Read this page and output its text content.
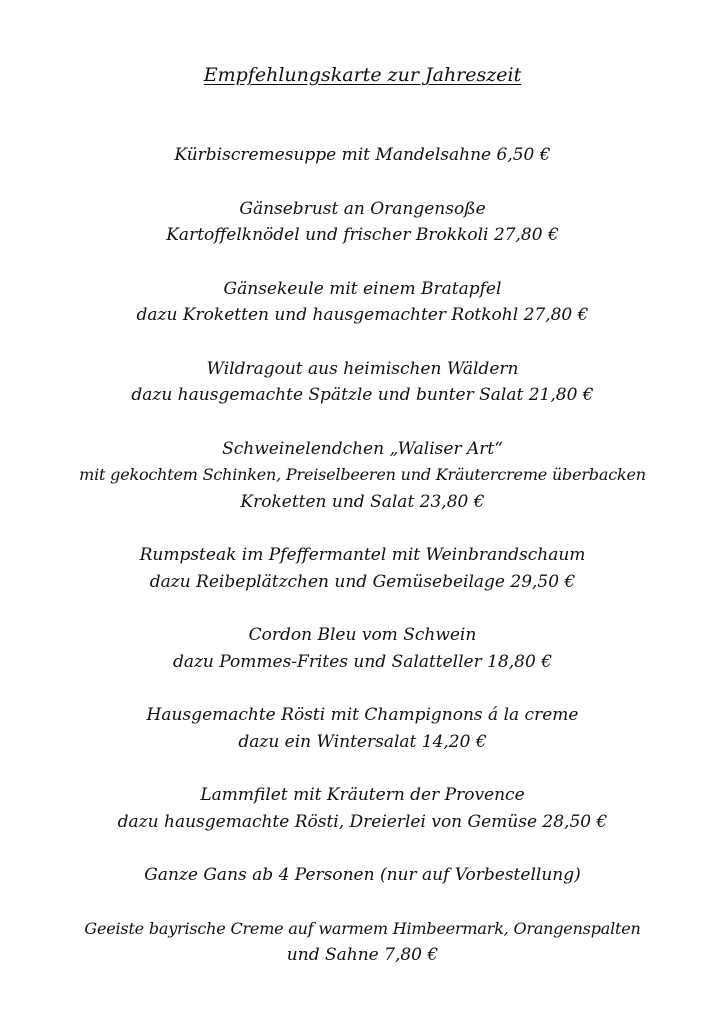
Empfehlungskarte zur Jahreszeit
Kürbiscremesuppe mit Mandelsahne 6,50 €
Gänsebrust an Orangensoße
Kartoffelknödel und frischer Brokkoli 27,80 €
Gänsekeule mit einem Bratapfel
dazu Kroketten und hausgemachter Rotkohl 27,80 €
Wildragout aus heimischen Wäldern
dazu hausgemachte Spätzle und bunter Salat 21,80 €
Schweinelendchen „Waliser Art“
mit gekochtem Schinken, Preiselbeeren und Kräutercreme überbacken
Kroketten und Salat 23,80 €
Rumpsteak im Pfeffermantel mit Weinbrandschaum
dazu Reibeplätzchen und Gemüsebeilage 29,50 €
Cordon Bleu vom Schwein
dazu Pommes-Frites und Salatteller 18,80 €
Hausgemachte Rösti mit Champignons á la creme
dazu ein Wintersalat 14,20 €
Lammfilet mit Kräutern der Provence
dazu hausgemachte Rösti, Dreierlei von Gemüse 28,50 €
Ganze Gans ab 4 Personen (nur auf Vorbestellung)
Geeiste bayrische Creme auf warmem Himbeermark, Orangenspalten
und Sahne 7,80 €
